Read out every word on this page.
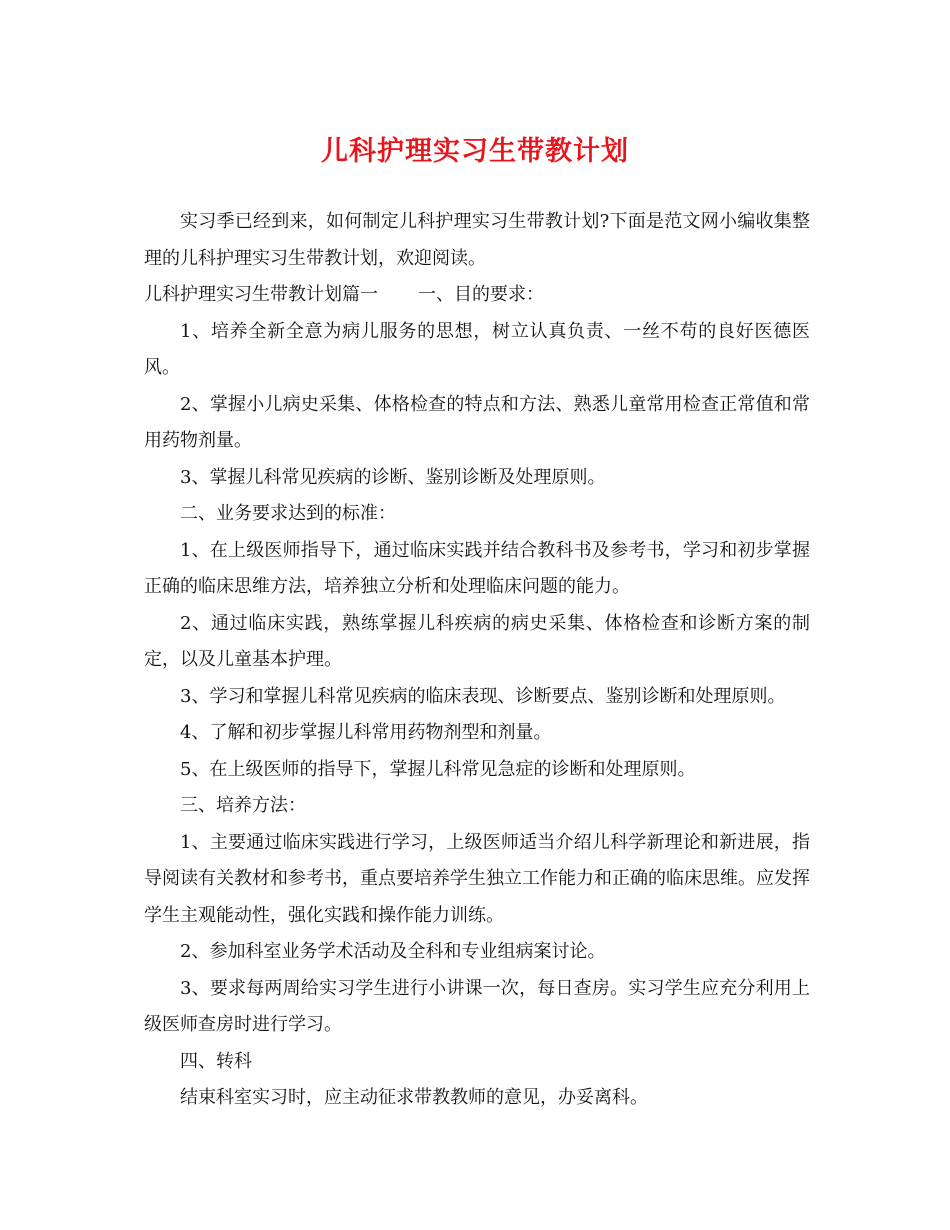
儿科护理实习生带教计划

实习季已经到来，如何制定儿科护理实习生带教计划?下面是范文网小编收集整理的儿科护理实习生带教计划，欢迎阅读。

儿科护理实习生带教计划篇一 一、目的要求：

1、培养全新全意为病儿服务的思想，树立认真负责、一丝不苟的良好医德医风。

2、掌握小儿病史采集、体格检查的特点和方法、熟悉儿童常用检查正常值和常用药物剂量。

3、掌握儿科常见疾病的诊断、鉴别诊断及处理原则。

二、业务要求达到的标准：

1、在上级医师指导下，通过临床实践并结合教科书及参考书，学习和初步掌握正确的临床思维方法，培养独立分析和处理临床问题的能力。

2、通过临床实践，熟练掌握儿科疾病的病史采集、体格检查和诊断方案的制定，以及儿童基本护理。

3、学习和掌握儿科常见疾病的临床表现、诊断要点、鉴别诊断和处理原则。

4、了解和初步掌握儿科常用药物剂型和剂量。

5、在上级医师的指导下，掌握儿科常见急症的诊断和处理原则。

三、培养方法：

1、主要通过临床实践进行学习，上级医师适当介绍儿科学新理论和新进展，指导阅读有关教材和参考书，重点要培养学生独立工作能力和正确的临床思维。应发挥学生主观能动性，强化实践和操作能力训练。

2、参加科室业务学术活动及全科和专业组病案讨论。

3、要求每两周给实习学生进行小讲课一次，每日查房。实习学生应充分利用上级医师查房时进行学习。

四、转科

结束科室实习时，应主动征求带教教师的意见，办妥离科。
